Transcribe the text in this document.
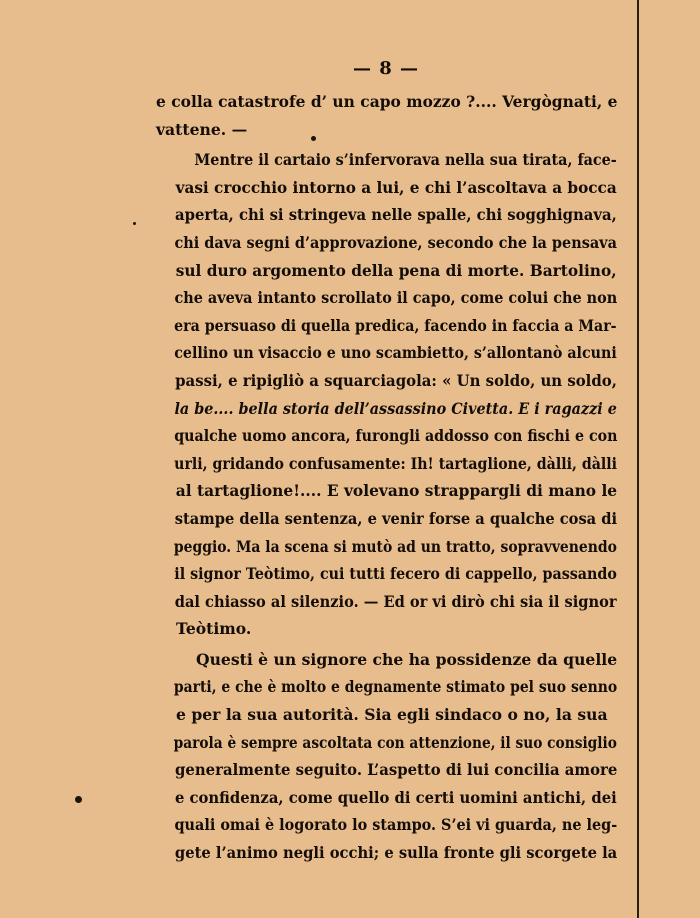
— 8 —

e colla catastrofe d’ un capo mozzo ?.... Vergògnati, e
vattene. —

Mentre il cartaio s’infervorava nella sua tirata, face-
vasi crocchio intorno a lui, e chi l’ascoltava a bocca
aperta, chi si stringeva nelle spalle, chi sogghignava,
chi dava segni d’approvazione, secondo che la pensava
sul duro argomento della pena di morte. Bartolino,
che aveva intanto scrollato il capo, come colui che non
era persuaso di quella predica, facendo in faccia a Mar-
cellino un visaccio e uno scambietto, s’allontanò alcuni
passi, e ripigliò a squarciagola: « Un soldo, un soldo,
la be.... bella storia dell’assassino Civetta. E i ragazzi e
qualche uomo ancora, furongli addosso con fischi e con
urli, gridando confusamente: Ih! tartaglione, dàlli, dàlli
al tartaglione!.... E volevano strappargli di mano le
stampe della sentenza, e venir forse a qualche cosa di
peggio. Ma la scena si mutò ad un tratto, sopravvenendo
il signor Teòtimo, cui tutti fecero di cappello, passando
dal chiasso al silenzio. — Ed or vi dirò chi sia il signor
Teòtimo.

Questi è un signore che ha possidenze da quelle
parti, e che è molto e degnamente stimato pel suo senno
e per la sua autorità. Sia egli sindaco o no, la sua
parola è sempre ascoltata con attenzione, il suo consiglio
generalmente seguito. L’aspetto di lui concilia amore
e confidenza, come quello di certi uomini antichi, dei
quali omai è logorato lo stampo. S’ei vi guarda, ne leg-
gete l’animo negli occhi; e sulla fronte gli scorgete la
